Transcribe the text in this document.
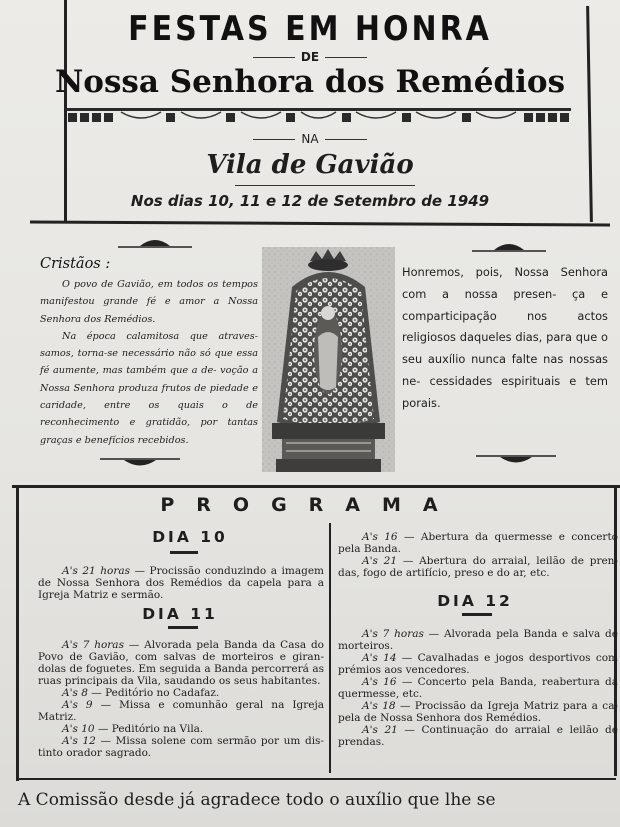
FESTAS EM HONRA
DE
Nossa Senhora dos Remédios
NA
Vila de Gavião
Nos dias 10, 11 e 12 de Setembro de 1949
Cristãos :

O povo de Gavião, em todos os tempos manifestou grande fé e amor a Nossa Senhora dos Remédios.

Na época calamitosa que atraves- samos, torna-se necessário não só que essa fé aumente, mas também que a de- voção a Nossa Senhora produza frutos de piedade e caridade, entre os quais o de reconhecimento e gratidão, por tantas graças e benefícios recebidos.

Honremos, pois, Nossa Senhora com a nossa presen- ça e comparticipação nos actos religiosos daqueles dias, para que o seu auxílio nunca falte nas nossas ne- cessidades espirituais e tem porais.
PROGRAMA
DIA 10

A's 21 horas — Procissão conduzindo a imagem de Nossa Senhora dos Remédios da capela para a Igreja Matriz e sermão.

DIA 11

A's 7 horas — Alvorada pela Banda da Casa do Povo de Gavião, com salvas de morteiros e giran- dolas de foguetes. Em seguida a Banda percorrerá as ruas principais da Vila, saudando os seus habitantes.

A's 8 — Peditório no Cadafaz.

A's 9 — Missa e comunhão geral na Igreja Matriz.

A's 10 — Peditório na Vila.

A's 12 — Missa solene com sermão por um dis- tinto orador sagrado.

A's 16 — Abertura da quermesse e concerto pela Banda.

A's 21 — Abertura do arraial, leilão de pren- das, fogo de artifício, preso e do ar, etc.

DIA 12

A's 7 horas — Alvorada pela Banda e salva de morteiros.

A's 14 — Cavalhadas e jogos desportivos com prémios aos vencedores.

A's 16 — Concerto pela Banda, reabertura da quermesse, etc.

A's 18 — Procissão da Igreja Matriz para a ca- pela de Nossa Senhora dos Remédios.

A's 21 — Continuação do arraial e leilão de prendas.

A Comissão desde já agradece todo o auxílio que lhe se
